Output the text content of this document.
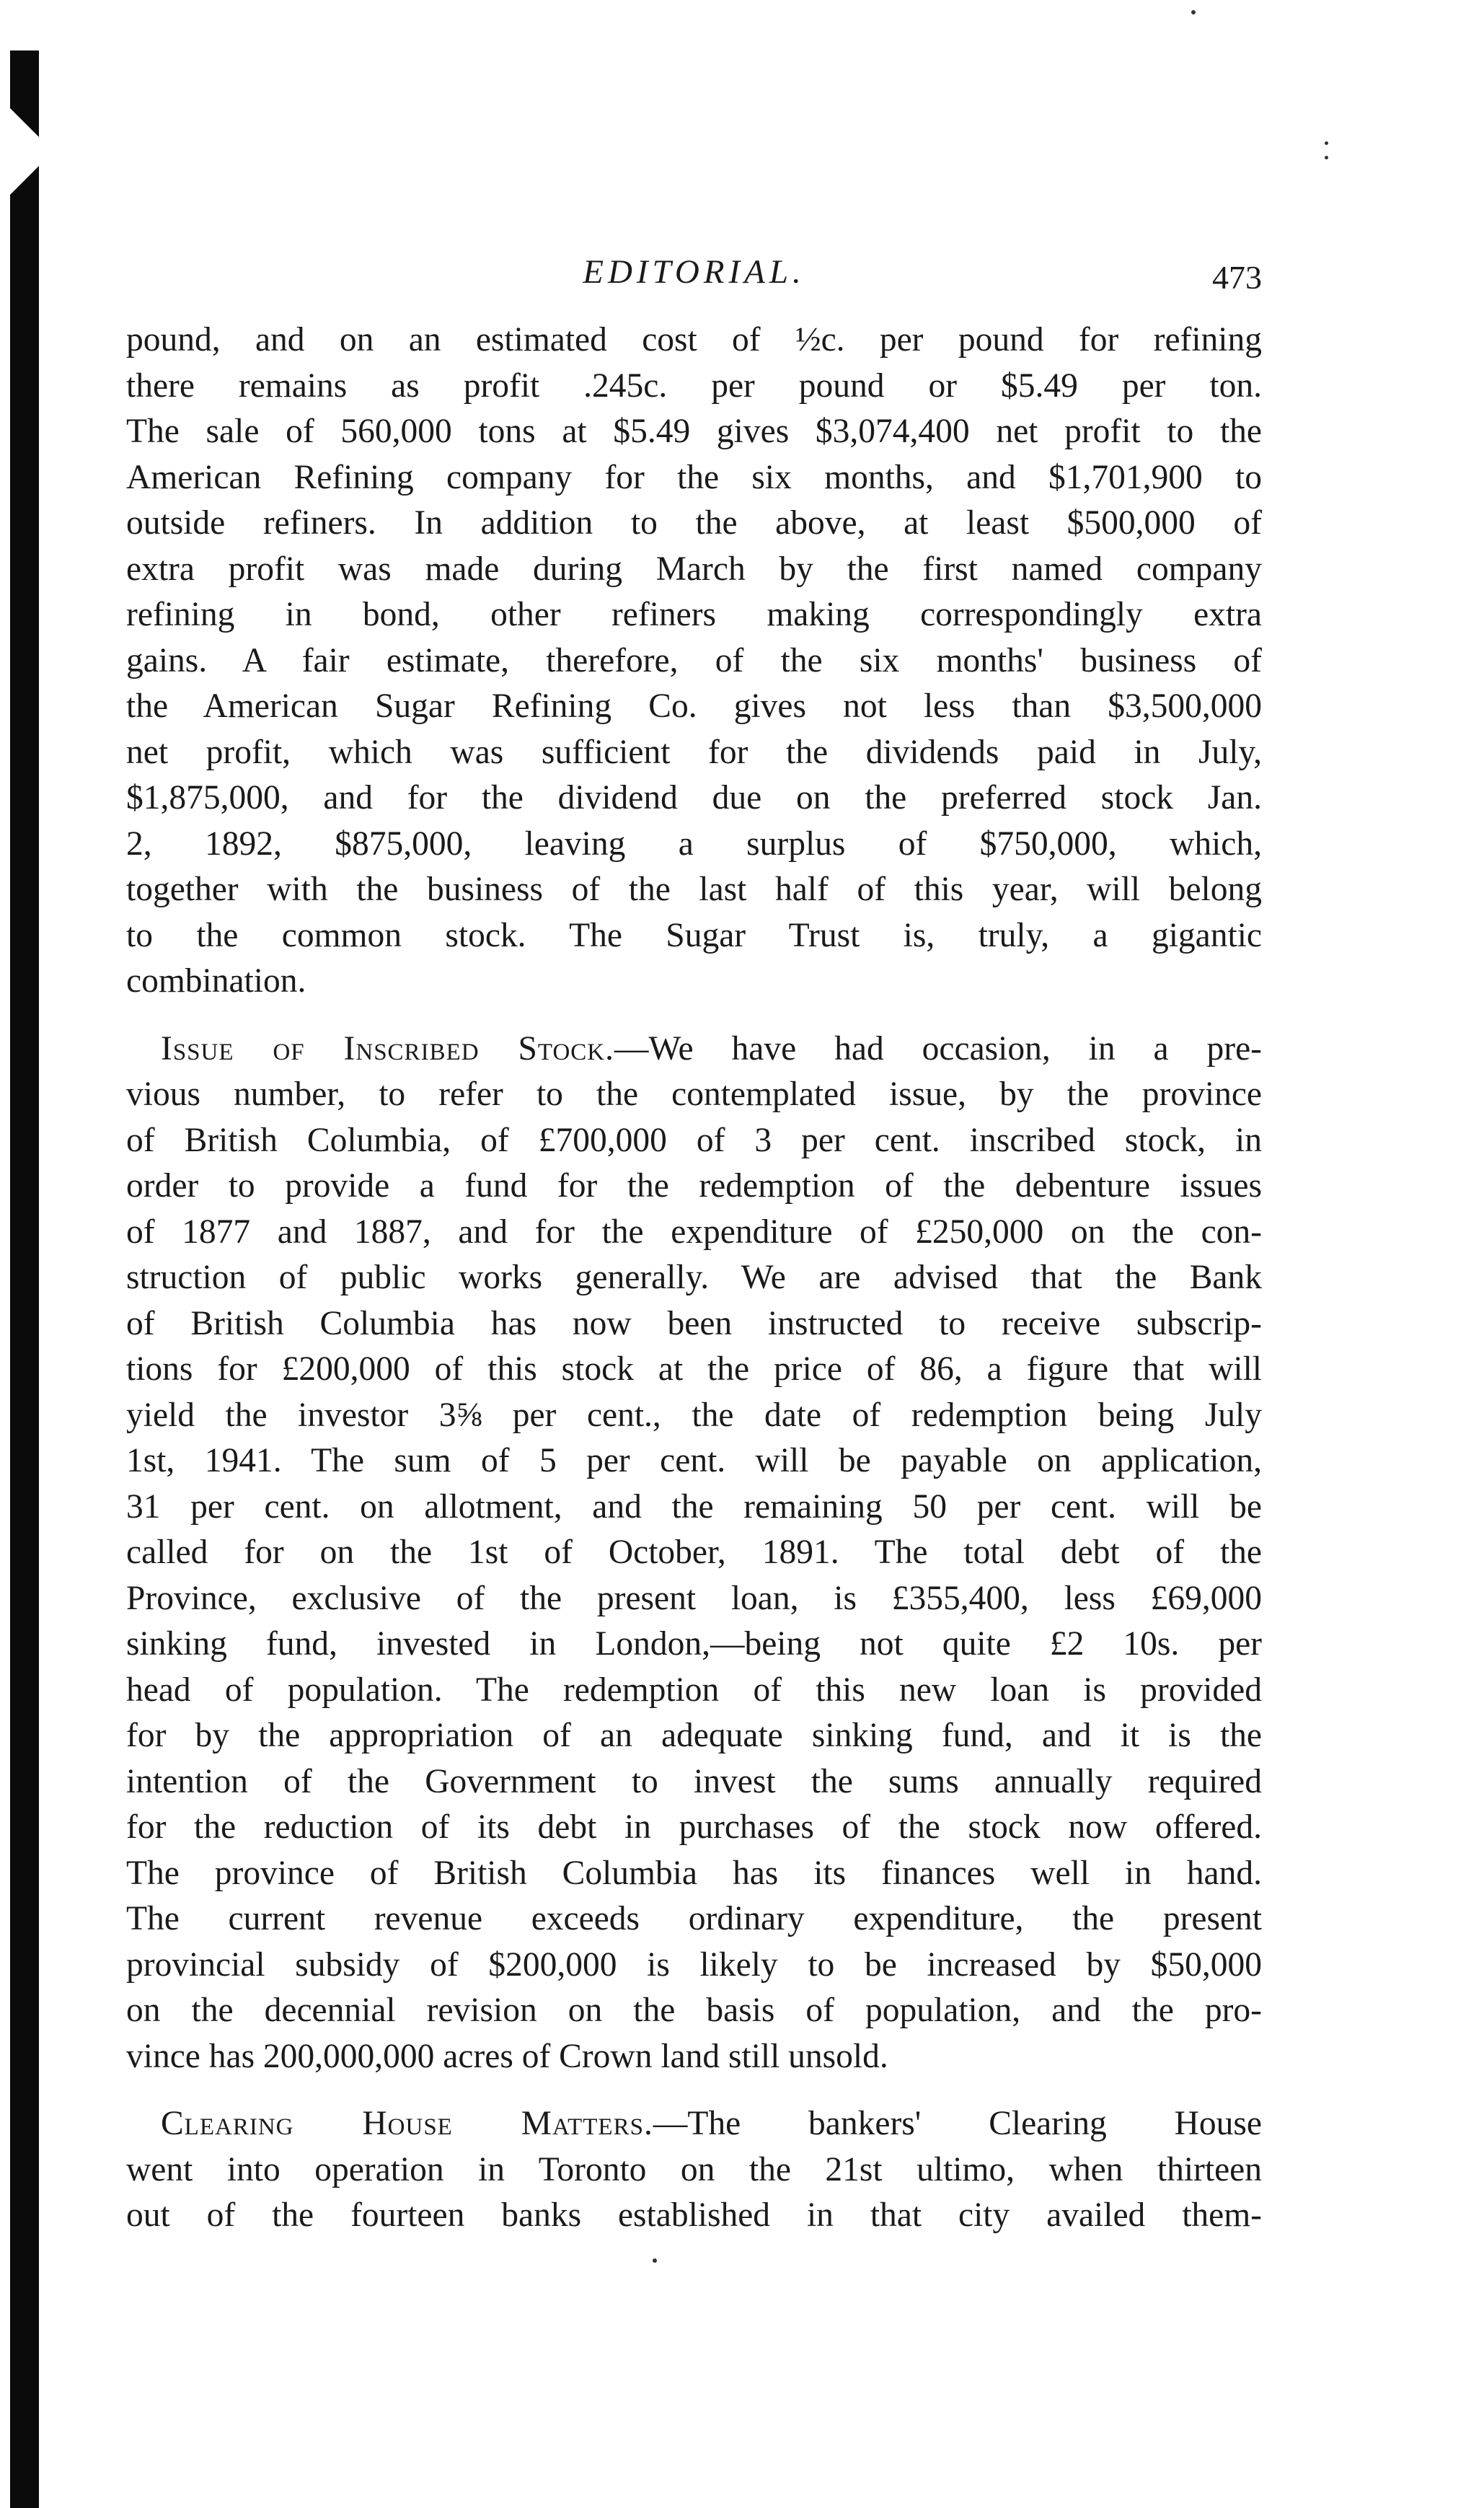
EDITORIAL.	473
pound, and on an estimated cost of ½c. per pound for refining
there remains as profit .245c. per pound or $5.49 per ton.
The sale of 560,000 tons at $5.49 gives $3,074,400 net profit to the
American Refining company for the six months, and $1,701,900 to
outside refiners. In addition to the above, at least $500,000 of
extra profit was made during March by the first named company
refining in bond, other refiners making correspondingly extra
gains. A fair estimate, therefore, of the six months' business of
the American Sugar Refining Co. gives not less than $3,500,000
net profit, which was sufficient for the dividends paid in July,
$1,875,000, and for the dividend due on the preferred stock Jan.
2, 1892, $875,000, leaving a surplus of $750,000, which,
together with the business of the last half of this year, will belong
to the common stock. The Sugar Trust is, truly, a gigantic
combination.
Issue of Inscribed Stock.—We have had occasion, in a pre-
vious number, to refer to the contemplated issue, by the province
of British Columbia, of £700,000 of 3 per cent. inscribed stock, in
order to provide a fund for the redemption of the debenture issues
of 1877 and 1887, and for the expenditure of £250,000 on the con-
struction of public works generally. We are advised that the Bank
of British Columbia has now been instructed to receive subscrip-
tions for £200,000 of this stock at the price of 86, a figure that will
yield the investor 3⅝ per cent., the date of redemption being July
1st, 1941. The sum of 5 per cent. will be payable on application,
31 per cent. on allotment, and the remaining 50 per cent. will be
called for on the 1st of October, 1891. The total debt of the
Province, exclusive of the present loan, is £355,400, less £69,000
sinking fund, invested in London,—being not quite £2 10s. per
head of population. The redemption of this new loan is provided
for by the appropriation of an adequate sinking fund, and it is the
intention of the Government to invest the sums annually required
for the reduction of its debt in purchases of the stock now offered.
The province of British Columbia has its finances well in hand.
The current revenue exceeds ordinary expenditure, the present
provincial subsidy of $200,000 is likely to be increased by $50,000
on the decennial revision on the basis of population, and the pro-
vince has 200,000,000 acres of Crown land still unsold.
Clearing House Matters.—The bankers' Clearing House
went into operation in Toronto on the 21st ultimo, when thirteen
out of the fourteen banks established in that city availed them-
